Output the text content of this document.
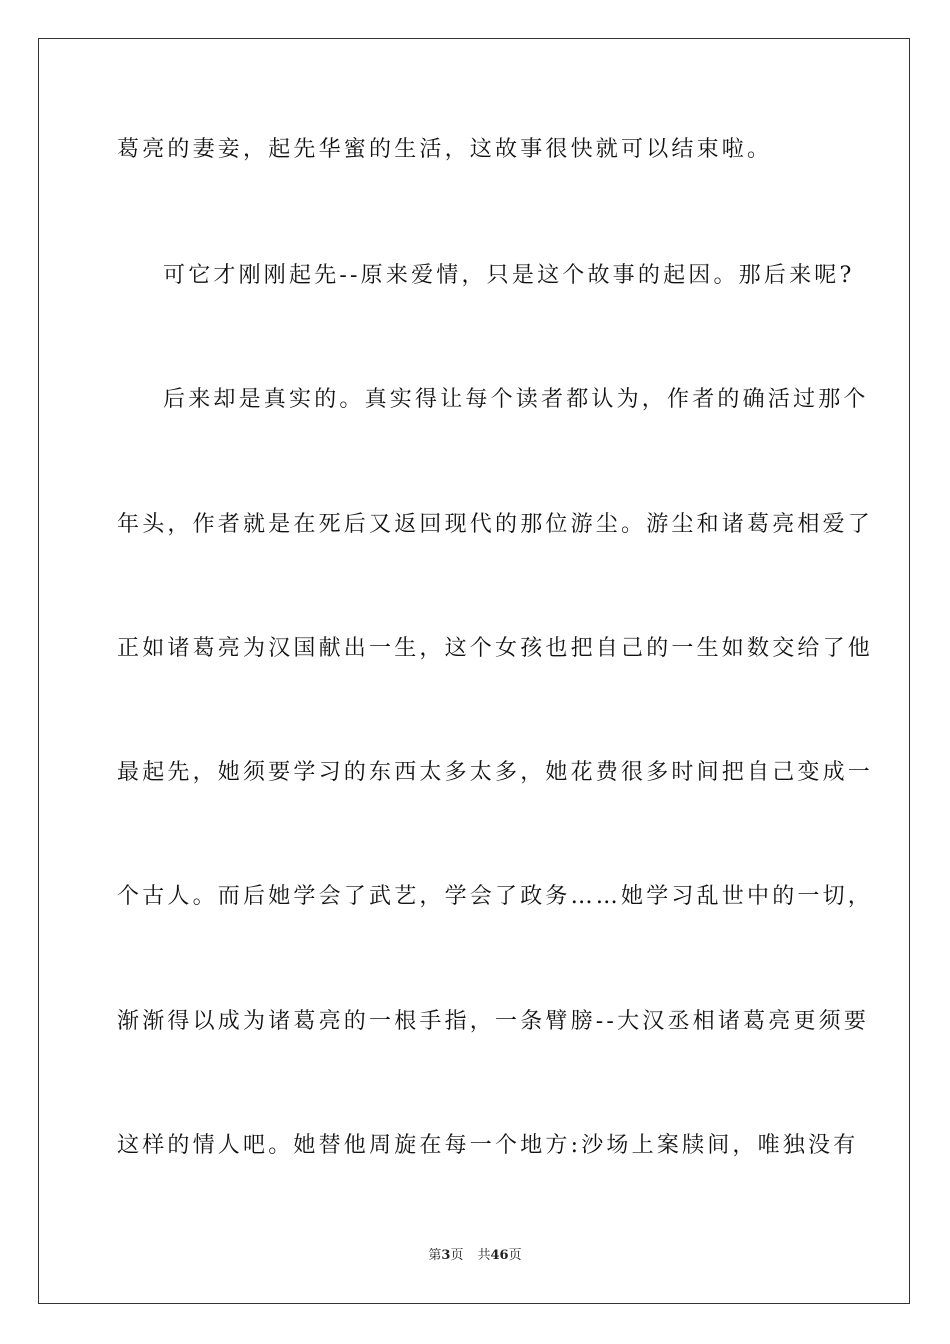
葛亮的妻妾，起先华蜜的生活，这故事很快就可以结束啦。
可它才刚刚起先--原来爱情，只是这个故事的起因。那后来呢?
后来却是真实的。真实得让每个读者都认为，作者的确活过那个
年头，作者就是在死后又返回现代的那位游尘。游尘和诸葛亮相爱了
正如诸葛亮为汉国献出一生，这个女孩也把自己的一生如数交给了他
最起先，她须要学习的东西太多太多，她花费很多时间把自己变成一
个古人。而后她学会了武艺，学会了政务……她学习乱世中的一切，
渐渐得以成为诸葛亮的一根手指，一条臂膀--大汉丞相诸葛亮更须要
这样的情人吧。她替他周旋在每一个地方:沙场上案牍间，唯独没有
第3页 共46页
